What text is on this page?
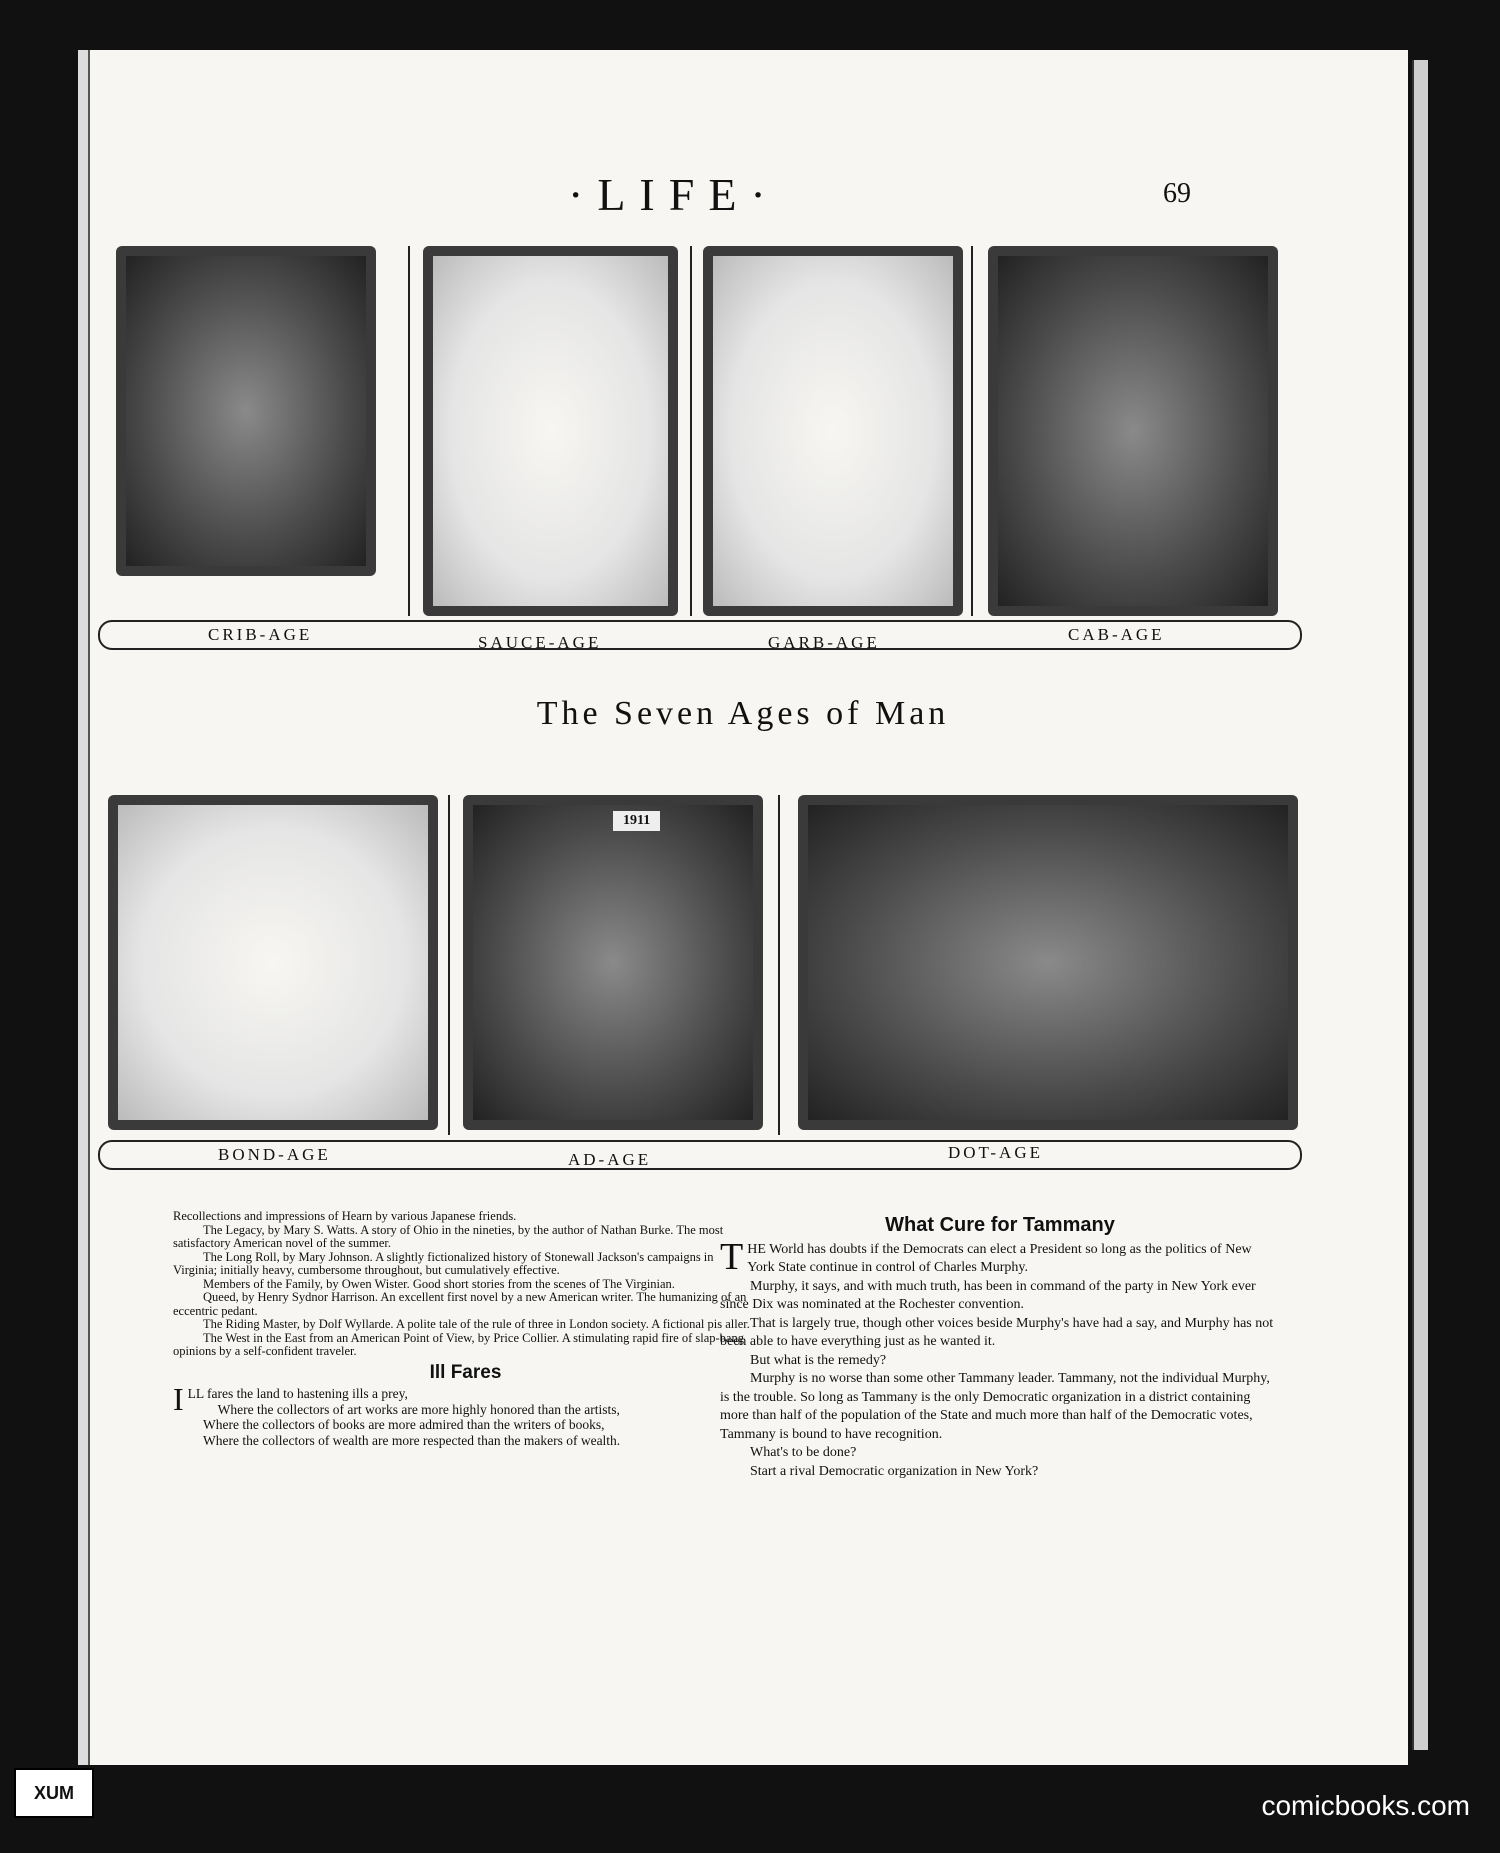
·LIFE·	69
CRIB-AGE	SAUCE-AGE	GARB-AGE	CAB-AGE
The Seven Ages of Man
1911
BOND-AGE	AD-AGE	DOT-AGE

Recollections and impressions of Hearn by various Japanese friends.

The Legacy, by Mary S. Watts. A story of Ohio in the nineties, by the author of Nathan Burke. The most satisfactory American novel of the summer.

The Long Roll, by Mary Johnson. A slightly fictionalized history of Stonewall Jackson's campaigns in Virginia; initially heavy, cumbersome throughout, but cumulatively effective.

Members of the Family, by Owen Wister. Good short stories from the scenes of The Virginian.

Queed, by Henry Sydnor Harrison. An excellent first novel by a new American writer. The humanizing of an eccentric pedant.

The Riding Master, by Dolf Wyllarde. A polite tale of the rule of three in London society. A fictional pis aller.

The West in the East from an American Point of View, by Price Collier. A stimulating rapid fire of slap-bang opinions by a self-confident traveler.

Ill Fares

ILL fares the land to hastening ills a prey,

Where the collectors of art works are more highly honored than the artists,

Where the collectors of books are more admired than the writers of books,

Where the collectors of wealth are more respected than the makers of wealth.

What Cure for Tammany

THE World has doubts if the Democrats can elect a President so long as the politics of New York State continue in control of Charles Murphy.

Murphy, it says, and with much truth, has been in command of the party in New York ever since Dix was nominated at the Rochester convention.

That is largely true, though other voices beside Murphy's have had a say, and Murphy has not been able to have everything just as he wanted it.

But what is the remedy?

Murphy is no worse than some other Tammany leader. Tammany, not the individual Murphy, is the trouble. So long as Tammany is the only Democratic organization in a district containing more than half of the population of the State and much more than half of the Democratic votes, Tammany is bound to have recognition.

What's to be done?

Start a rival Democratic organization in New York?

XUM	comicbooks.com
